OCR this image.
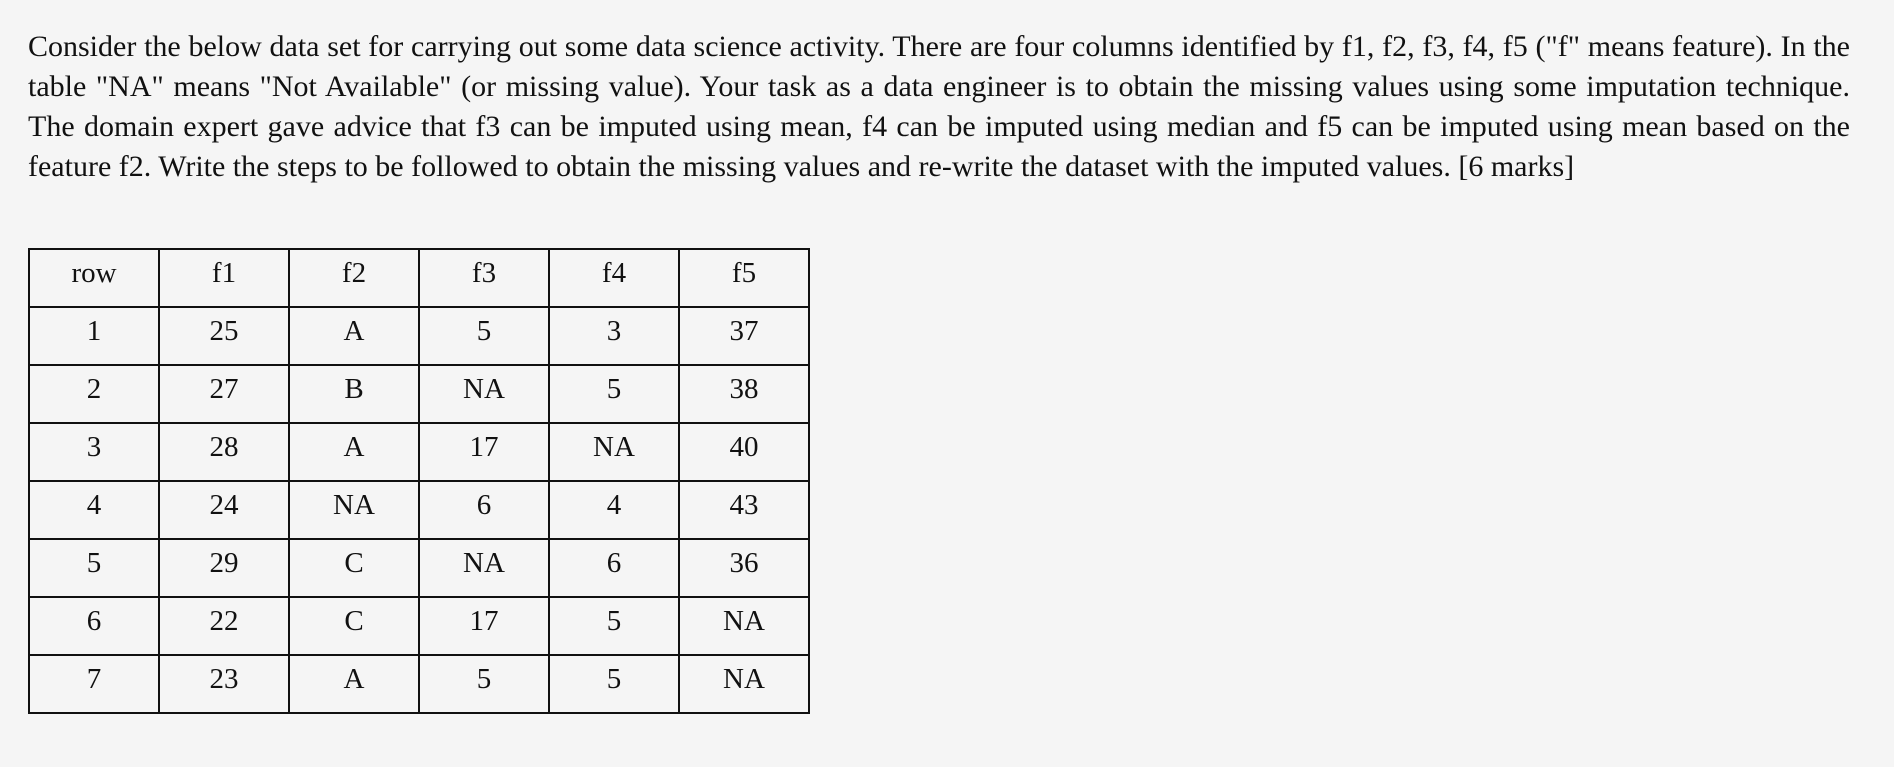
Consider the below data set for carrying out some data science activity. There are four columns identified by f1, f2, f3, f4, f5 ("f" means feature). In the table "NA" means "Not Available" (or missing value). Your task as a data engineer is to obtain the missing values using some imputation technique. The domain expert gave advice that f3 can be imputed using mean, f4 can be imputed using median and f5 can be imputed using mean based on the feature f2. Write the steps to be followed to obtain the missing values and re-write the dataset with the imputed values. [6 marks]

row	f1	f2	f3	f4	f5
1	25	A	5	3	37
2	27	B	NA	5	38
3	28	A	17	NA	40
4	24	NA	6	4	43
5	29	C	NA	6	36
6	22	C	17	5	NA
7	23	A	5	5	NA
